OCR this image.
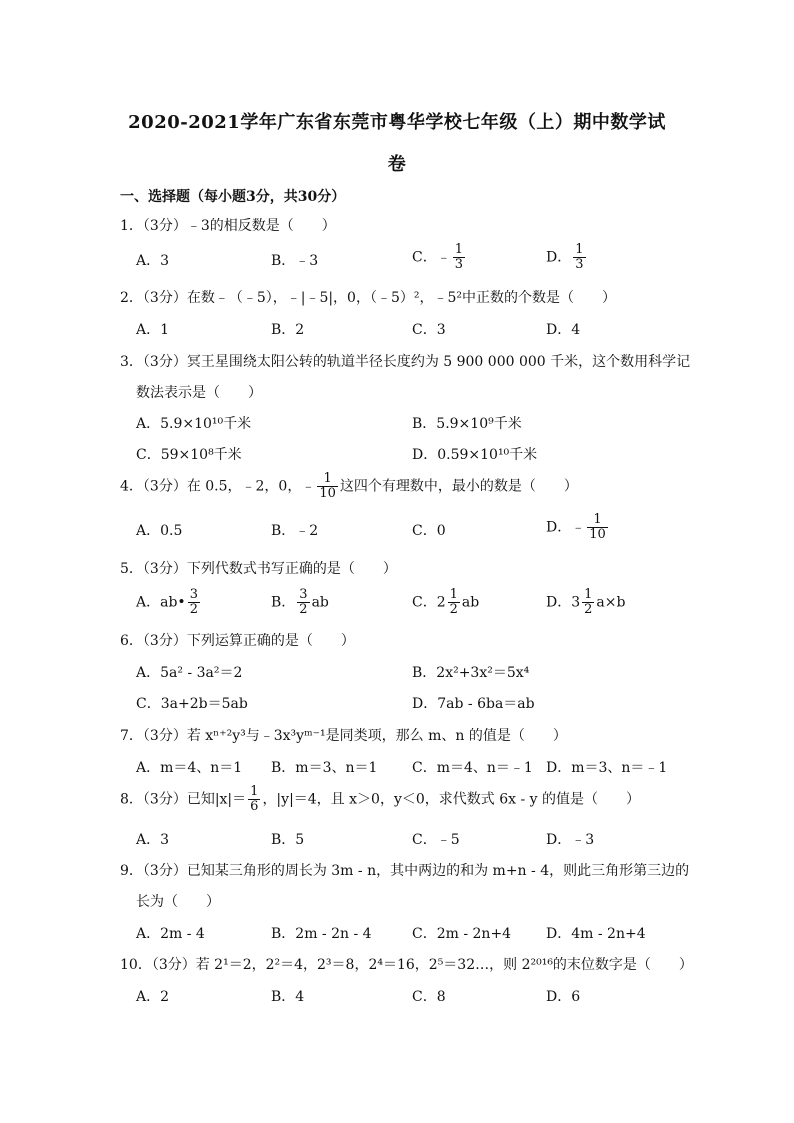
2020-2021学年广东省东莞市粤华学校七年级（上）期中数学试
卷
一、选择题（每小题3分，共30分）
1．（3分）﹣3的相反数是（　　）
A．3	B．﹣3	C．﹣ $\frac{1}{3}$	D． $\frac{1}{3}$
2．（3分）在数﹣（﹣5），﹣|﹣5|，0，（﹣5）²，﹣5²中正数的个数是（　　）
A．1	B．2	C．3	D．4
3．（3分）冥王星围绕太阳公转的轨道半径长度约为 5 900 000 000 千米，这个数用科学记
数法表示是（　　）
A．5.9×10¹⁰千米	B．5.9×10⁹千米
C．59×10⁸千米	D．0.59×10¹⁰千米
4．（3分）在 0.5，﹣2，0，﹣ $\frac{1}{10}$ 这四个有理数中，最小的数是（　　）
A．0.5	B．﹣2	C．0	D．﹣ $\frac{1}{10}$
5．（3分）下列代数式书写正确的是（　　）
A．ab• $\frac{3}{2}$	B． $\frac{3}{2}$ ab	C．$2 \frac{1}{2}$ ab	D．$3 \frac{1}{2} a\times b$
6．（3分）下列运算正确的是（　　）
A．5a² ‑ 3a²＝2	B．2x²+3x²＝5x⁴
C．3a+2b＝5ab	D．7ab ‑ 6ba＝ab
7．（3分）若 xⁿ⁺²y³与﹣3x³yᵐ⁻¹是同类项，那么 m、n 的值是（　　）
A．m＝4、n＝1 B．m＝3、n＝1 C．m＝4、n＝﹣1 D．m＝3、n＝﹣1
8．（3分）已知$|x|= \frac{1}{6}$ ，|y|＝4，且 x＞0，y＜0，求代数式 6x ‑ y 的值是（　　）
A．3	B．5	C．﹣5	D．﹣3
9．（3分）已知某三角形的周长为 3m ‑ n，其中两边的和为 m+n ‑ 4，则此三角形第三边的
长为（　　）
A．2m ‑ 4	B．2m ‑ 2n ‑ 4	C．2m ‑ 2n+4 D．4m ‑ 2n+4
10．（3分）若 2¹＝2，2²＝4，2³＝8，2⁴＝16，2⁵＝32…，则 2²⁰¹⁶的末位数字是（　　）
A．2	B．4	C．8	D．6
